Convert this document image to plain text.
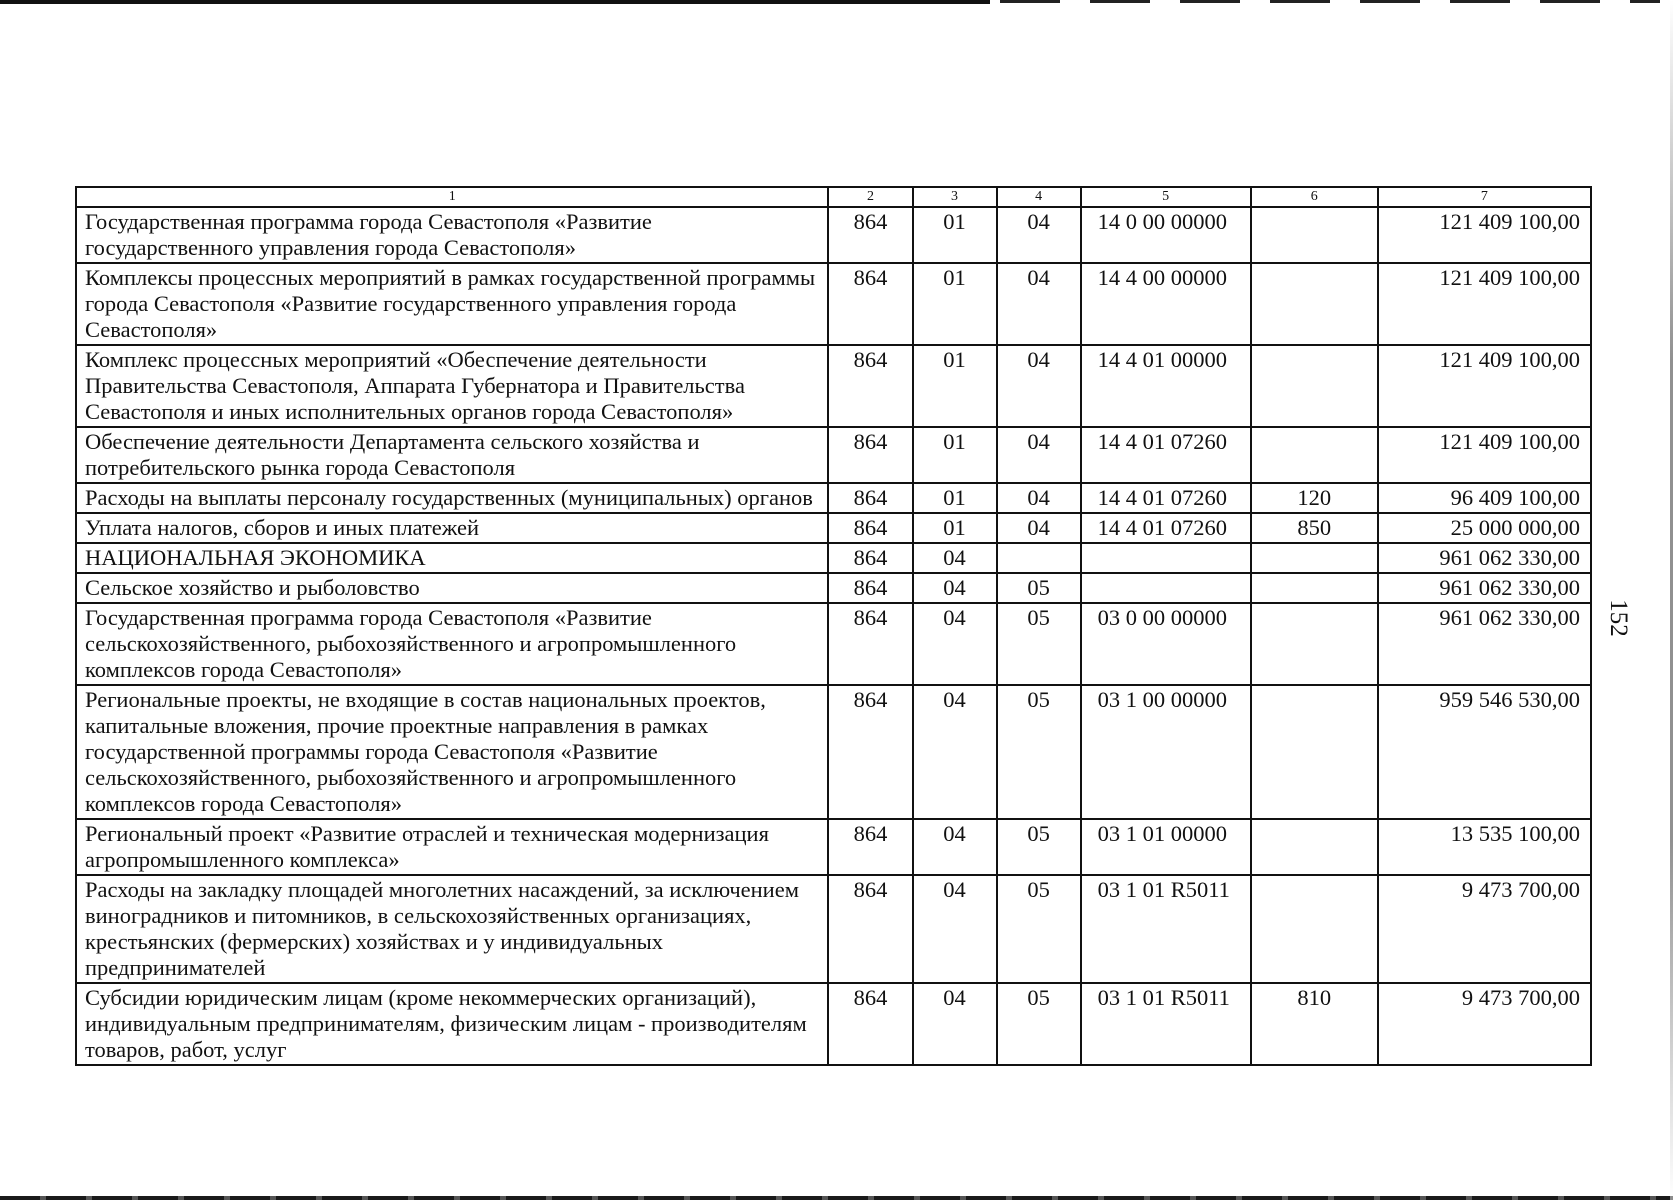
152
1	2	3	4	5	6	7
Государственная программа города Севастополя «Развитие государственного управления города Севастополя»	864	01	04	14 0 00 00000		121 409 100,00
Комплексы процессных мероприятий в рамках государственной программы города Севастополя «Развитие государственного управления города Севастополя»	864	01	04	14 4 00 00000		121 409 100,00
Комплекс процессных мероприятий «Обеспечение деятельности Правительства Севастополя, Аппарата Губернатора и Правительства Севастополя и иных исполнительных органов города Севастополя»	864	01	04	14 4 01 00000		121 409 100,00
Обеспечение деятельности Департамента сельского хозяйства и потребительского рынка города Севастополя	864	01	04	14 4 01 07260		121 409 100,00
Расходы на выплаты персоналу государственных (муниципальных) органов	864	01	04	14 4 01 07260	120	96 409 100,00
Уплата налогов, сборов и иных платежей	864	01	04	14 4 01 07260	850	25 000 000,00
НАЦИОНАЛЬНАЯ ЭКОНОМИКА	864	04				961 062 330,00
Сельское хозяйство и рыболовство	864	04	05			961 062 330,00
Государственная программа города Севастополя «Развитие сельскохозяйственного, рыбохозяйственного и агропромышленного комплексов города Севастополя»	864	04	05	03 0 00 00000		961 062 330,00
Региональные проекты, не входящие в состав национальных проектов, капитальные вложения, прочие проектные направления в рамках государственной программы города Севастополя «Развитие сельскохозяйственного, рыбохозяйственного и агропромышленного комплексов города Севастополя»	864	04	05	03 1 00 00000		959 546 530,00
Региональный проект «Развитие отраслей и техническая модернизация агропромышленного комплекса»	864	04	05	03 1 01 00000		13 535 100,00
Расходы на закладку площадей многолетних насаждений, за исключением виноградников и питомников, в сельскохозяйственных организациях, крестьянских (фермерских) хозяйствах и у индивидуальных предпринимателей	864	04	05	03 1 01 R5011		9 473 700,00
Субсидии юридическим лицам (кроме некоммерческих организаций), индивидуальным предпринимателям, физическим лицам - производителям товаров, работ, услуг	864	04	05	03 1 01 R5011	810	9 473 700,00
